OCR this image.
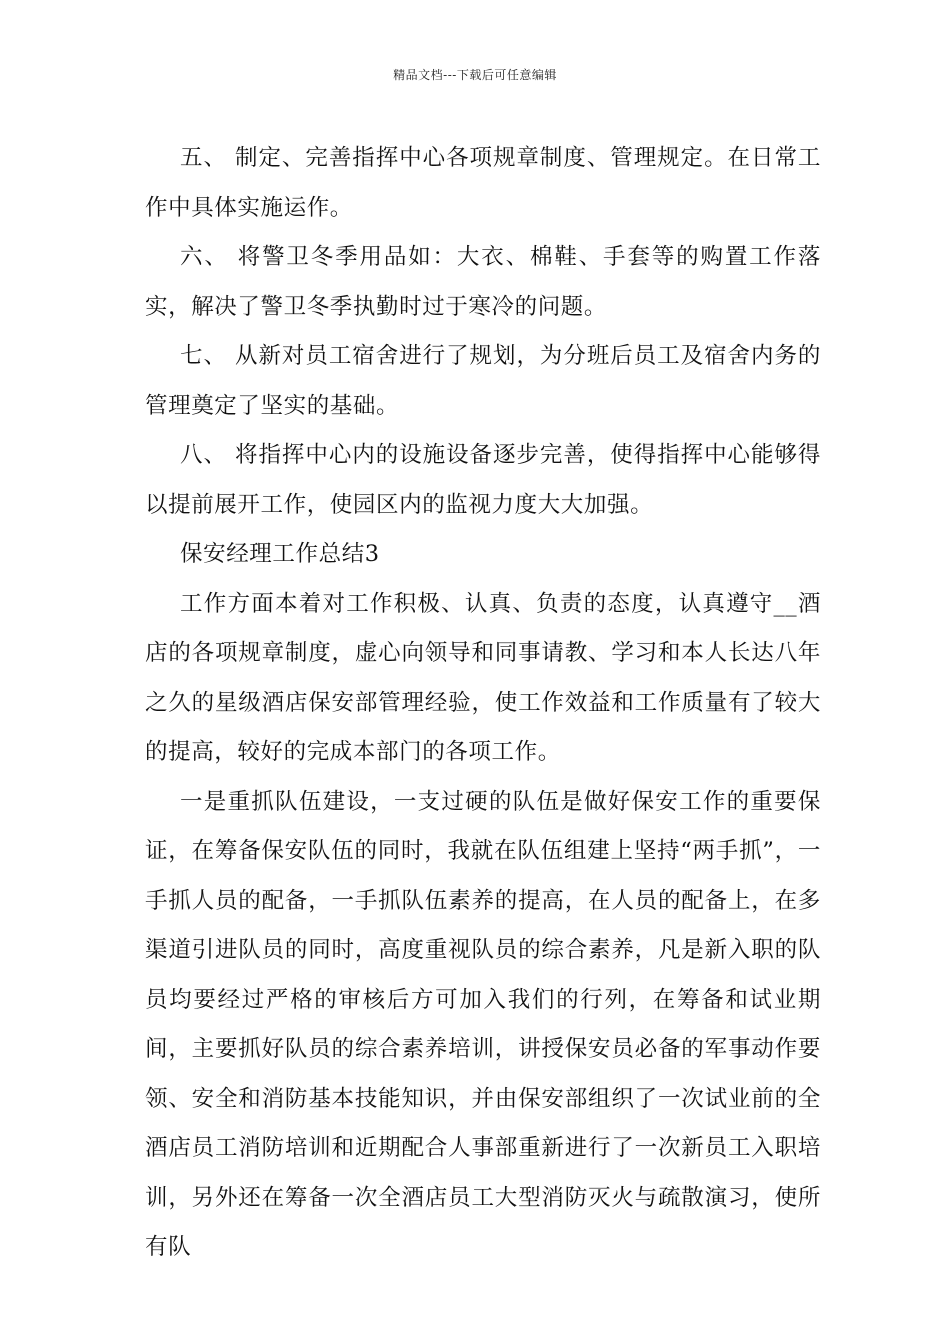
精品文档---下载后可任意编辑

五、 制定、完善指挥中心各项规章制度、管理规定。在日常工作中具体实施运作。

六、 将警卫冬季用品如：大衣、棉鞋、手套等的购置工作落实，解决了警卫冬季执勤时过于寒冷的问题。

七、 从新对员工宿舍进行了规划，为分班后员工及宿舍内务的管理奠定了坚实的基础。

八、 将指挥中心内的设施设备逐步完善，使得指挥中心能够得以提前展开工作，使园区内的监视力度大大加强。

保安经理工作总结3

工作方面本着对工作积极、认真、负责的态度，认真遵守__酒店的各项规章制度，虚心向领导和同事请教、学习和本人长达八年之久的星级酒店保安部管理经验，使工作效益和工作质量有了较大的提高，较好的完成本部门的各项工作。

一是重抓队伍建设，一支过硬的队伍是做好保安工作的重要保证，在筹备保安队伍的同时，我就在队伍组建上坚持“两手抓”，一手抓人员的配备，一手抓队伍素养的提高，在人员的配备上，在多渠道引进队员的同时，高度重视队员的综合素养，凡是新入职的队员均要经过严格的审核后方可加入我们的行列，在筹备和试业期间，主要抓好队员的综合素养培训，讲授保安员必备的军事动作要领、安全和消防基本技能知识，并由保安部组织了一次试业前的全酒店员工消防培训和近期配合人事部重新进行了一次新员工入职培训，另外还在筹备一次全酒店员工大型消防灭火与疏散演习，使所有队
